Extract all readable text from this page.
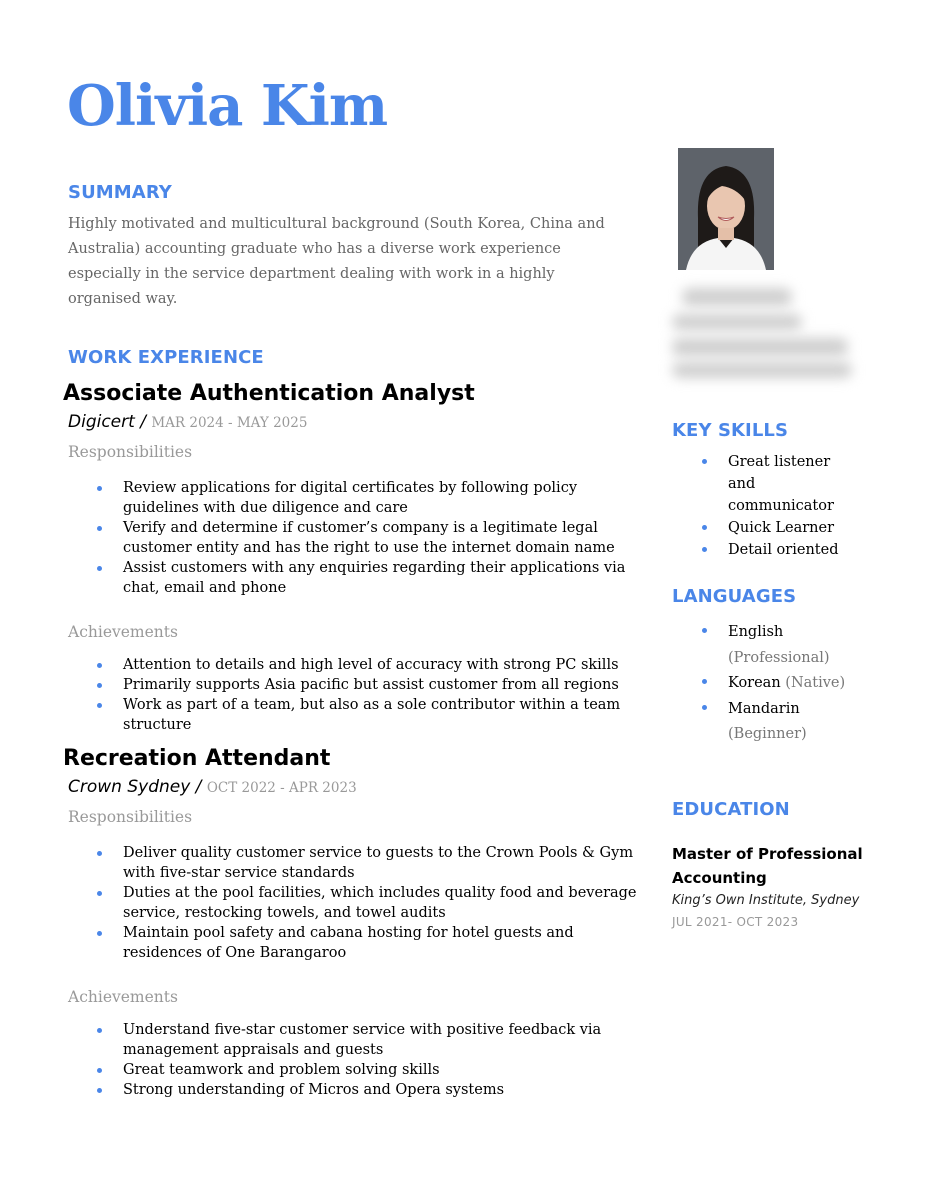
Olivia Kim
SUMMARY
Highly motivated and multicultural background (South Korea, China and Australia) accounting graduate who has a diverse work experience especially in the service department dealing with work in a highly organised way.
WORK EXPERIENCE
Associate Authentication Analyst
Digicert / MAR 2024 - MAY 2025
Responsibilities
Review applications for digital certificates by following policy guidelines with due diligence and care
Verify and determine if customer’s company is a legitimate legal customer entity and has the right to use the internet domain name
Assist customers with any enquiries regarding their applications via chat, email and phone
Achievements
Attention to details and high level of accuracy with strong PC skills
Primarily supports Asia pacific but assist customer from all regions
Work as part of a team, but also as a sole contributor within a team structure
Recreation Attendant
Crown Sydney / OCT 2022 - APR 2023
Responsibilities
Deliver quality customer service to guests to the Crown Pools & Gym with five-star service standards
Duties at the pool facilities, which includes quality food and beverage service, restocking towels, and towel audits
Maintain pool safety and cabana hosting for hotel guests and residences of One Barangaroo
Achievements
Understand five-star customer service with positive feedback via management appraisals and guests
Great teamwork and problem solving skills
Strong understanding of Micros and Opera systems
KEY SKILLS
Great listener and communicator
Quick Learner
Detail oriented
LANGUAGES
English
(Professional)
Korean (Native)
Mandarin
(Beginner)
EDUCATION
Master of Professional Accounting
King’s Own Institute, Sydney
JUL 2021- OCT 2023
